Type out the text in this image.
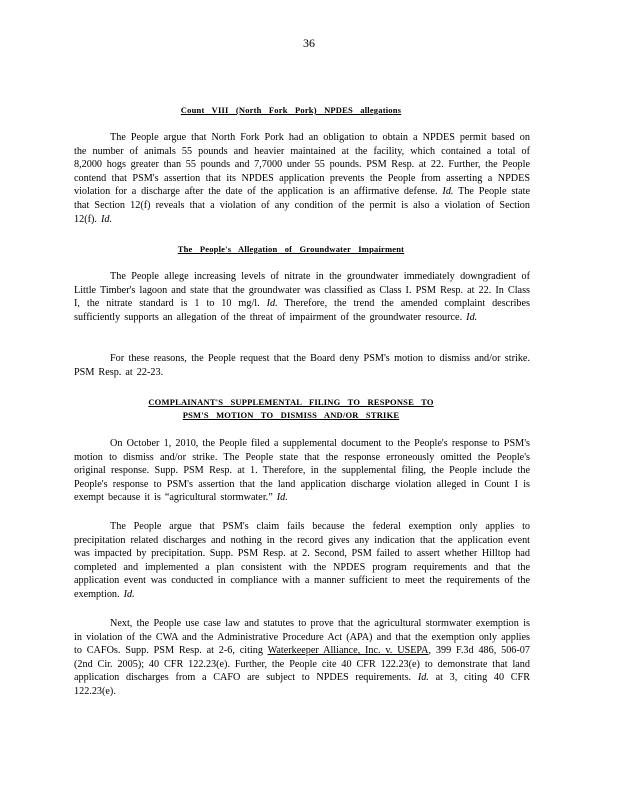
36
Count VIII (North Fork Pork) NPDES allegations

The People argue that North Fork Pork had an obligation to obtain a NPDES permit based on the number of animals 55 pounds and heavier maintained at the facility, which contained a total of 8,2000 hogs greater than 55 pounds and 7,7000 under 55 pounds. PSM Resp. at 22. Further, the People contend that PSM's assertion that its NPDES application prevents the People from asserting a NPDES violation for a discharge after the date of the application is an affirmative defense. Id. The People state that Section 12(f) reveals that a violation of any condition of the permit is also a violation of Section 12(f). Id.

The People's Allegation of Groundwater Impairment

The People allege increasing levels of nitrate in the groundwater immediately downgradient of Little Timber's lagoon and state that the groundwater was classified as Class I. PSM Resp. at 22. In Class I, the nitrate standard is 1 to 10 mg/l. Id. Therefore, the trend the amended complaint describes sufficiently supports an allegation of the threat of impairment of the groundwater resource. Id.

For these reasons, the People request that the Board deny PSM's motion to dismiss and/or strike. PSM Resp. at 22-23.

COMPLAINANT'S SUPPLEMENTAL FILING TO RESPONSE TO
PSM'S MOTION TO DISMISS AND/OR STRIKE

On October 1, 2010, the People filed a supplemental document to the People's response to PSM's motion to dismiss and/or strike. The People state that the response erroneously omitted the People's original response. Supp. PSM Resp. at 1. Therefore, in the supplemental filing, the People include the People's response to PSM's assertion that the land application discharge violation alleged in Count I is exempt because it is “agricultural stormwater.” Id.

The People argue that PSM's claim fails because the federal exemption only applies to precipitation related discharges and nothing in the record gives any indication that the application event was impacted by precipitation. Supp. PSM Resp. at 2. Second, PSM failed to assert whether Hilltop had completed and implemented a plan consistent with the NPDES program requirements and that the application event was conducted in compliance with a manner sufficient to meet the requirements of the exemption. Id.

Next, the People use case law and statutes to prove that the agricultural stormwater exemption is in violation of the CWA and the Administrative Procedure Act (APA) and that the exemption only applies to CAFOs. Supp. PSM Resp. at 2-6, citing Waterkeeper Alliance, Inc. v. USEPA, 399 F.3d 486, 506-07 (2nd Cir. 2005); 40 CFR 122.23(e). Further, the People cite 40 CFR 122.23(e) to demonstrate that land application discharges from a CAFO are subject to NPDES requirements. Id. at 3, citing 40 CFR 122.23(e).
